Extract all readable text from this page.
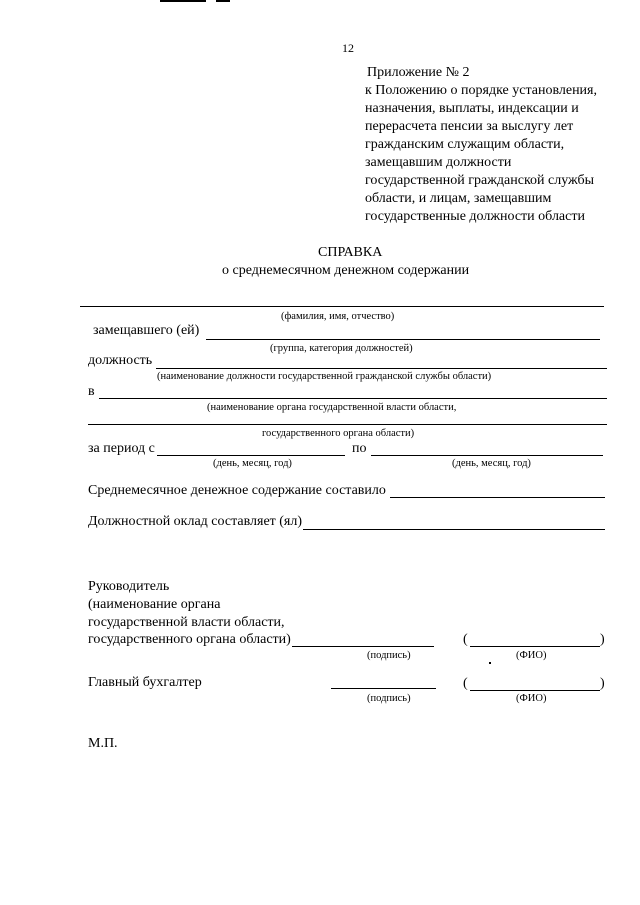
12
Приложение № 2
к Положению о порядке установления,
назначения, выплаты, индексации и
перерасчета пенсии за выслугу лет
гражданским служащим области,
замещавшим должности
государственной гражданской службы
области, и лицам, замещавшим
государственные должности области
СПРАВКА
о среднемесячном денежном содержании
(фамилия, имя, отчество)
замещавшего (ей)
(группа, категория должностей)
должность
(наименование должности государственной гражданской службы области)
в
(наименование органа государственной власти области,
государственного органа области)
за период с	по
(день, месяц, год)	(день, месяц, год)
Среднемесячное денежное содержание составило
Должностной оклад составляет (ял)
Руководитель
(наименование органа
государственной власти области,
государственного органа области)	(	)
(подпись)	(ФИО)
Главный бухгалтер	(	)
(подпись)	(ФИО)
М.П.
